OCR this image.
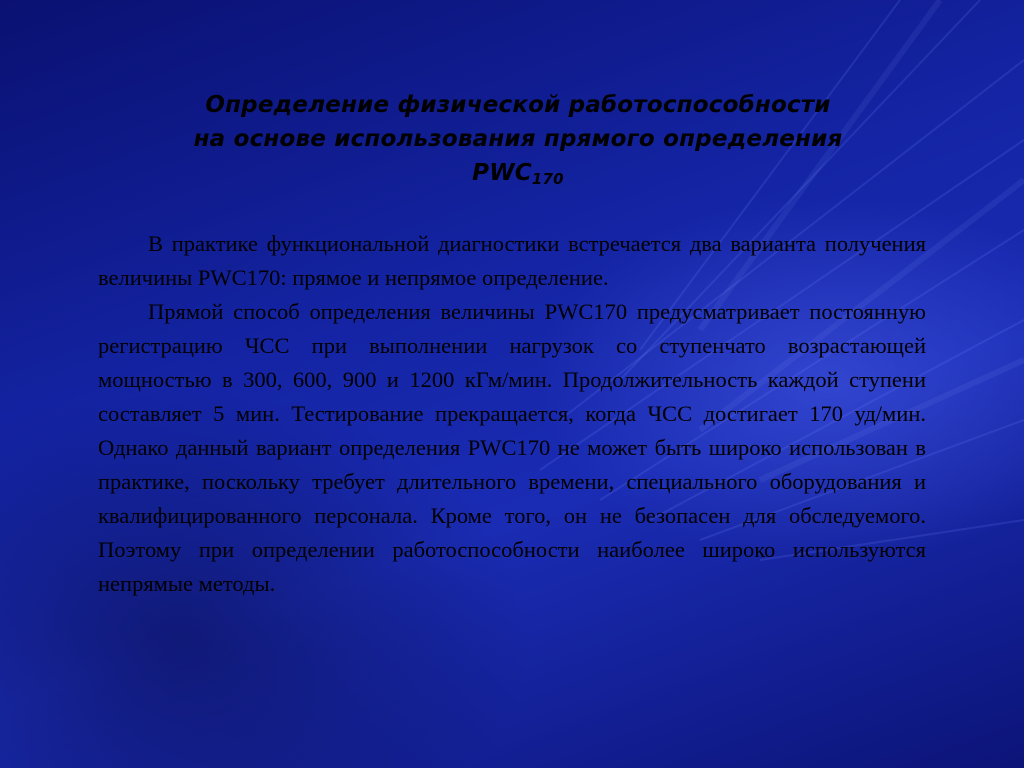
Определение физической работоспособности
на основе использования прямого определения
PWC170

В практике функциональной диагностики встречается два варианта получения величины PWC170: прямое и непрямое определение.

Прямой способ определения величины PWC170 предусматривает постоянную регистрацию ЧСС при выполнении нагрузок со ступенчато возрастающей мощностью в 300, 600, 900 и 1200 кГм/мин. Продолжительность каждой ступени составляет 5 мин. Тестирование прекращается, когда ЧСС достигает 170 уд/мин. Однако данный вариант определения PWC170 не может быть широко использован в практике, поскольку требует длительного времени, специального оборудования и квалифицированного персонала. Кроме того, он не безопасен для обследуемого. Поэтому при определении работоспособности наиболее широко используются непрямые методы.
